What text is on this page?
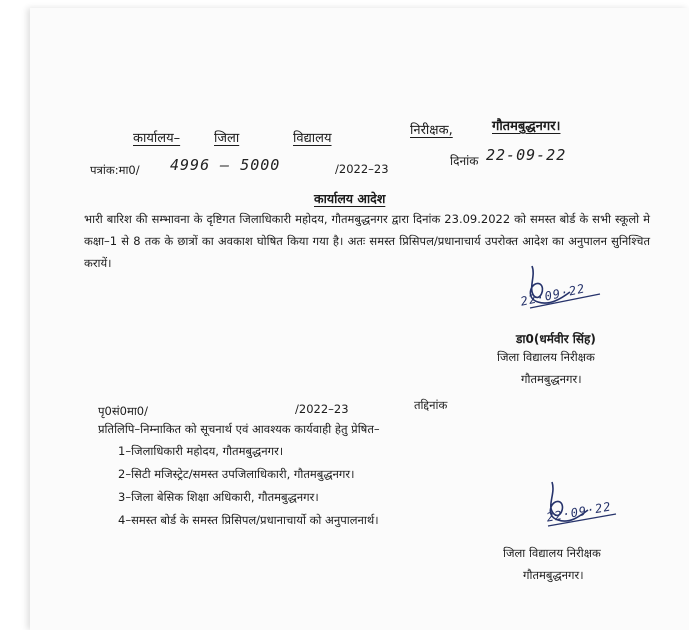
कार्यालय–	जिला	विद्यालय
निरीक्षक,	गौतमबुद्धनगर।
पत्रांक:मा0/ 4996 – 5000	/2022–23
दिनांक 22-09-22
कार्यालय आदेश
भारी बारिश की सम्भावना के दृष्टिगत जिलाधिकारी महोदय, गौतमबुद्धनगर द्वारा दिनांक 23.09.2022 को समस्त बोर्ड के सभी स्कूलो मे कक्षा–1 से 8 तक के छात्रों का अवकाश घोषित किया गया है। अतः समस्त प्रिसिपल/प्रधानाचार्य उपरोक्त आदेश का अनुपालन सुनिश्चित करायें।
22·09·22
डा0(धर्मवीर सिंह)
जिला विद्यालय निरीक्षक
गौतमबुद्धनगर।
पृ0सं0मा0/	/2022–23	तद्दिनांक
प्रतिलिपि–निम्नाकित को सूचनार्थ एवं आवश्यक कार्यवाही हेतु प्रेषित–
1–जिलाधिकारी महोदय, गौतमबुद्धनगर।
2–सिटी मजिस्ट्रेट/समस्त उपजिलाधिकारी, गौतमबुद्धनगर।
3–जिला बेसिक शिक्षा अधिकारी, गौतमबुद्धनगर।
4–समस्त बोर्ड के समस्त प्रिसिपल/प्रधानाचार्यो को अनुपालनार्थ।	22·09·22
जिला विद्यालय निरीक्षक
गौतमबुद्धनगर।
